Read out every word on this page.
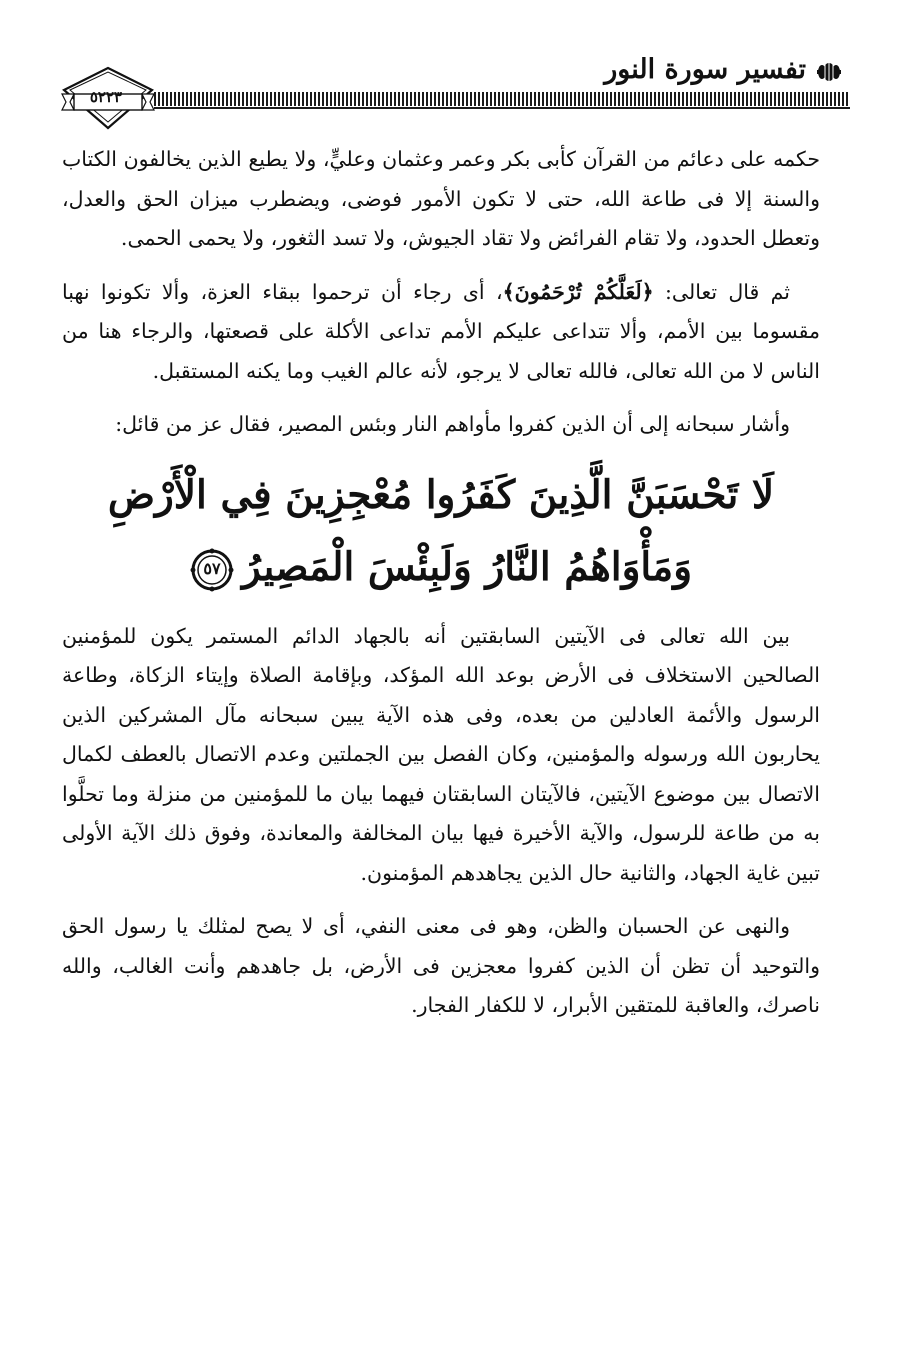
تفسير سورة النور
٥٢٢٣

حكمه على دعائم من القرآن كأبى بكر وعمر وعثمان وعليٍّ، ولا يطيع الذين يخالفون الكتاب والسنة إلا فى طاعة الله، حتى لا تكون الأمور فوضى، ويضطرب ميزان الحق والعدل، وتعطل الحدود، ولا تقام الفرائض ولا تقاد الجيوش، ولا تسد الثغور، ولا يحمى الحمى.

ثم قال تعالى: ﴿لَعَلَّكُمْ تُرْحَمُونَ﴾، أى رجاء أن ترحموا ببقاء العزة، وألا تكونوا نهبا مقسوما بين الأمم، وألا تتداعى عليكم الأمم تداعى الأكلة على قصعتها، والرجاء هنا من الناس لا من الله تعالى، فالله تعالى لا يرجو، لأنه عالم الغيب وما يكنه المستقبل.

وأشار سبحانه إلى أن الذين كفروا مأواهم النار وبئس المصير، فقال عز من قائل:

لَا تَحْسَبَنَّ الَّذِينَ كَفَرُوا مُعْجِزِينَ فِي الْأَرْضِ
وَمَأْوَاهُمُ النَّارُ وَلَبِئْسَ الْمَصِيرُ
٥٧

بين الله تعالى فى الآيتين السابقتين أنه بالجهاد الدائم المستمر يكون للمؤمنين الصالحين الاستخلاف فى الأرض بوعد الله المؤكد، وبإقامة الصلاة وإيتاء الزكاة، وطاعة الرسول والأئمة العادلين من بعده، وفى هذه الآية يبين سبحانه مآل المشركين الذين يحاربون الله ورسوله والمؤمنين، وكان الفصل بين الجملتين وعدم الاتصال بالعطف لكمال الاتصال بين موضوع الآيتين، فالآيتان السابقتان فيهما بيان ما للمؤمنين من منزلة وما تحلَّوا به من طاعة للرسول، والآية الأخيرة فيها بيان المخالفة والمعاندة، وفوق ذلك الآية الأولى تبين غاية الجهاد، والثانية حال الذين يجاهدهم المؤمنون.

والنهى عن الحسبان والظن، وهو فى معنى النفي، أى لا يصح لمثلك يا رسول الحق والتوحيد أن تظن أن الذين كفروا معجزين فى الأرض، بل جاهدهم وأنت الغالب، والله ناصرك، والعاقبة للمتقين الأبرار، لا للكفار الفجار.
